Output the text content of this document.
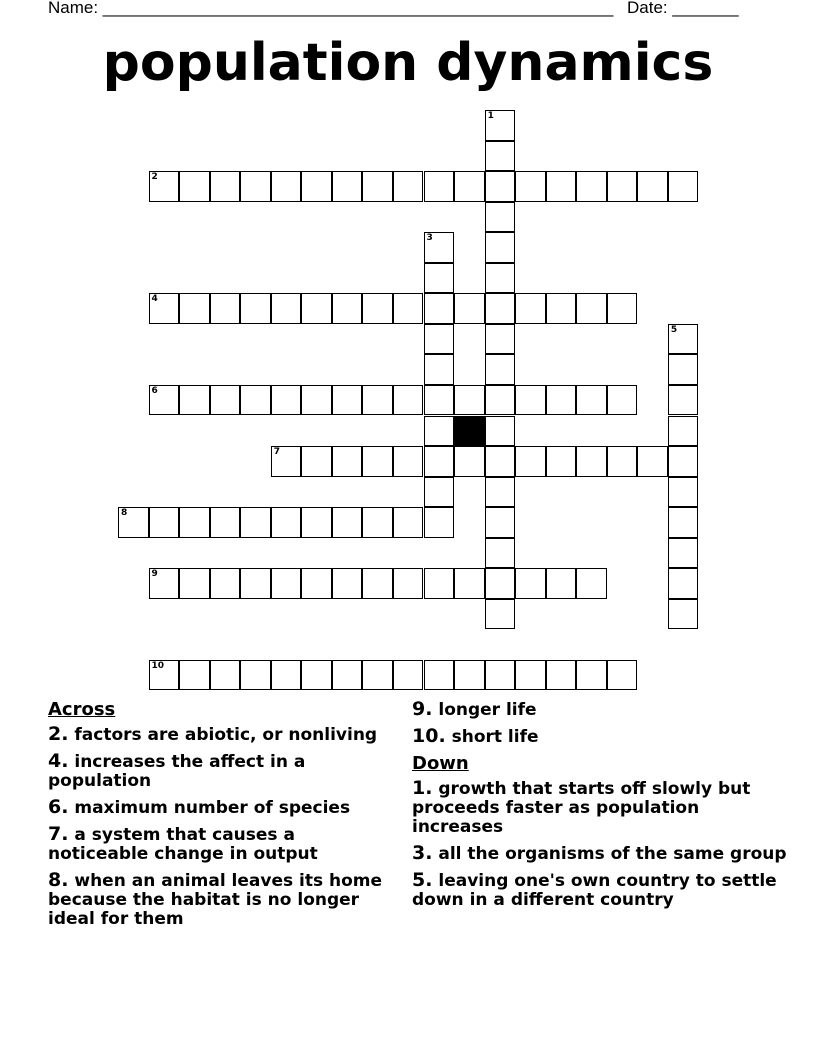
Name: ______________________________________________________ Date: _______
population dynamics
1
2
3
4
5
6
7
8
9
10
Across
2. factors are abiotic, or nonliving
4. increases the affect in a population
6. maximum number of species
7. a system that causes a noticeable change in output
8. when an animal leaves its home because the habitat is no longer ideal for them
9. longer life
10. short life
Down
1. growth that starts off slowly but proceeds faster as population increases
3. all the organisms of the same group
5. leaving one's own country to settle down in a different country
